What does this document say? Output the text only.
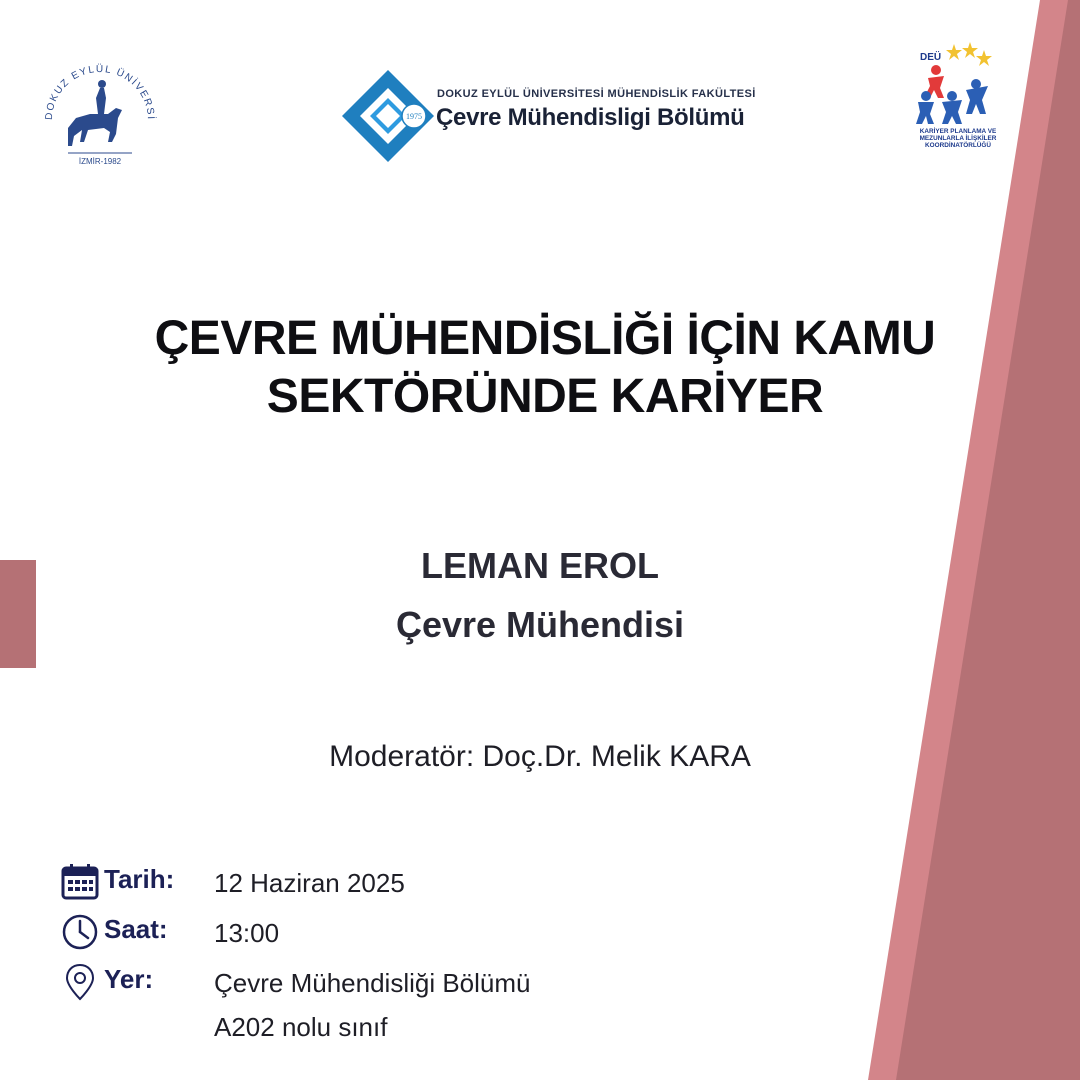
DOKUZ EYLÜL ÜNİVERSİ
İZMİR-1982
1975
DOKUZ EYLÜL ÜNİVERSİTESİ MÜHENDİSLİK FAKÜLTESİ
Çevre Mühendisligi Bölümü
DEÜ
KARİYER PLANLAMA VE
MEZUNLARLA İLİŞKİLER
KOORDİNATÖRLÜĞÜ
ÇEVRE MÜHENDİSLİĞİ İÇİN KAMU
SEKTÖRÜNDE KARİYER
LEMAN EROL
Çevre Mühendisi
Moderatör: Doç.Dr. Melik KARA
Tarih: 12 Haziran 2025
Saat: 13:00
Yer: Çevre Mühendisliği Bölümü
A202 nolu sınıf
